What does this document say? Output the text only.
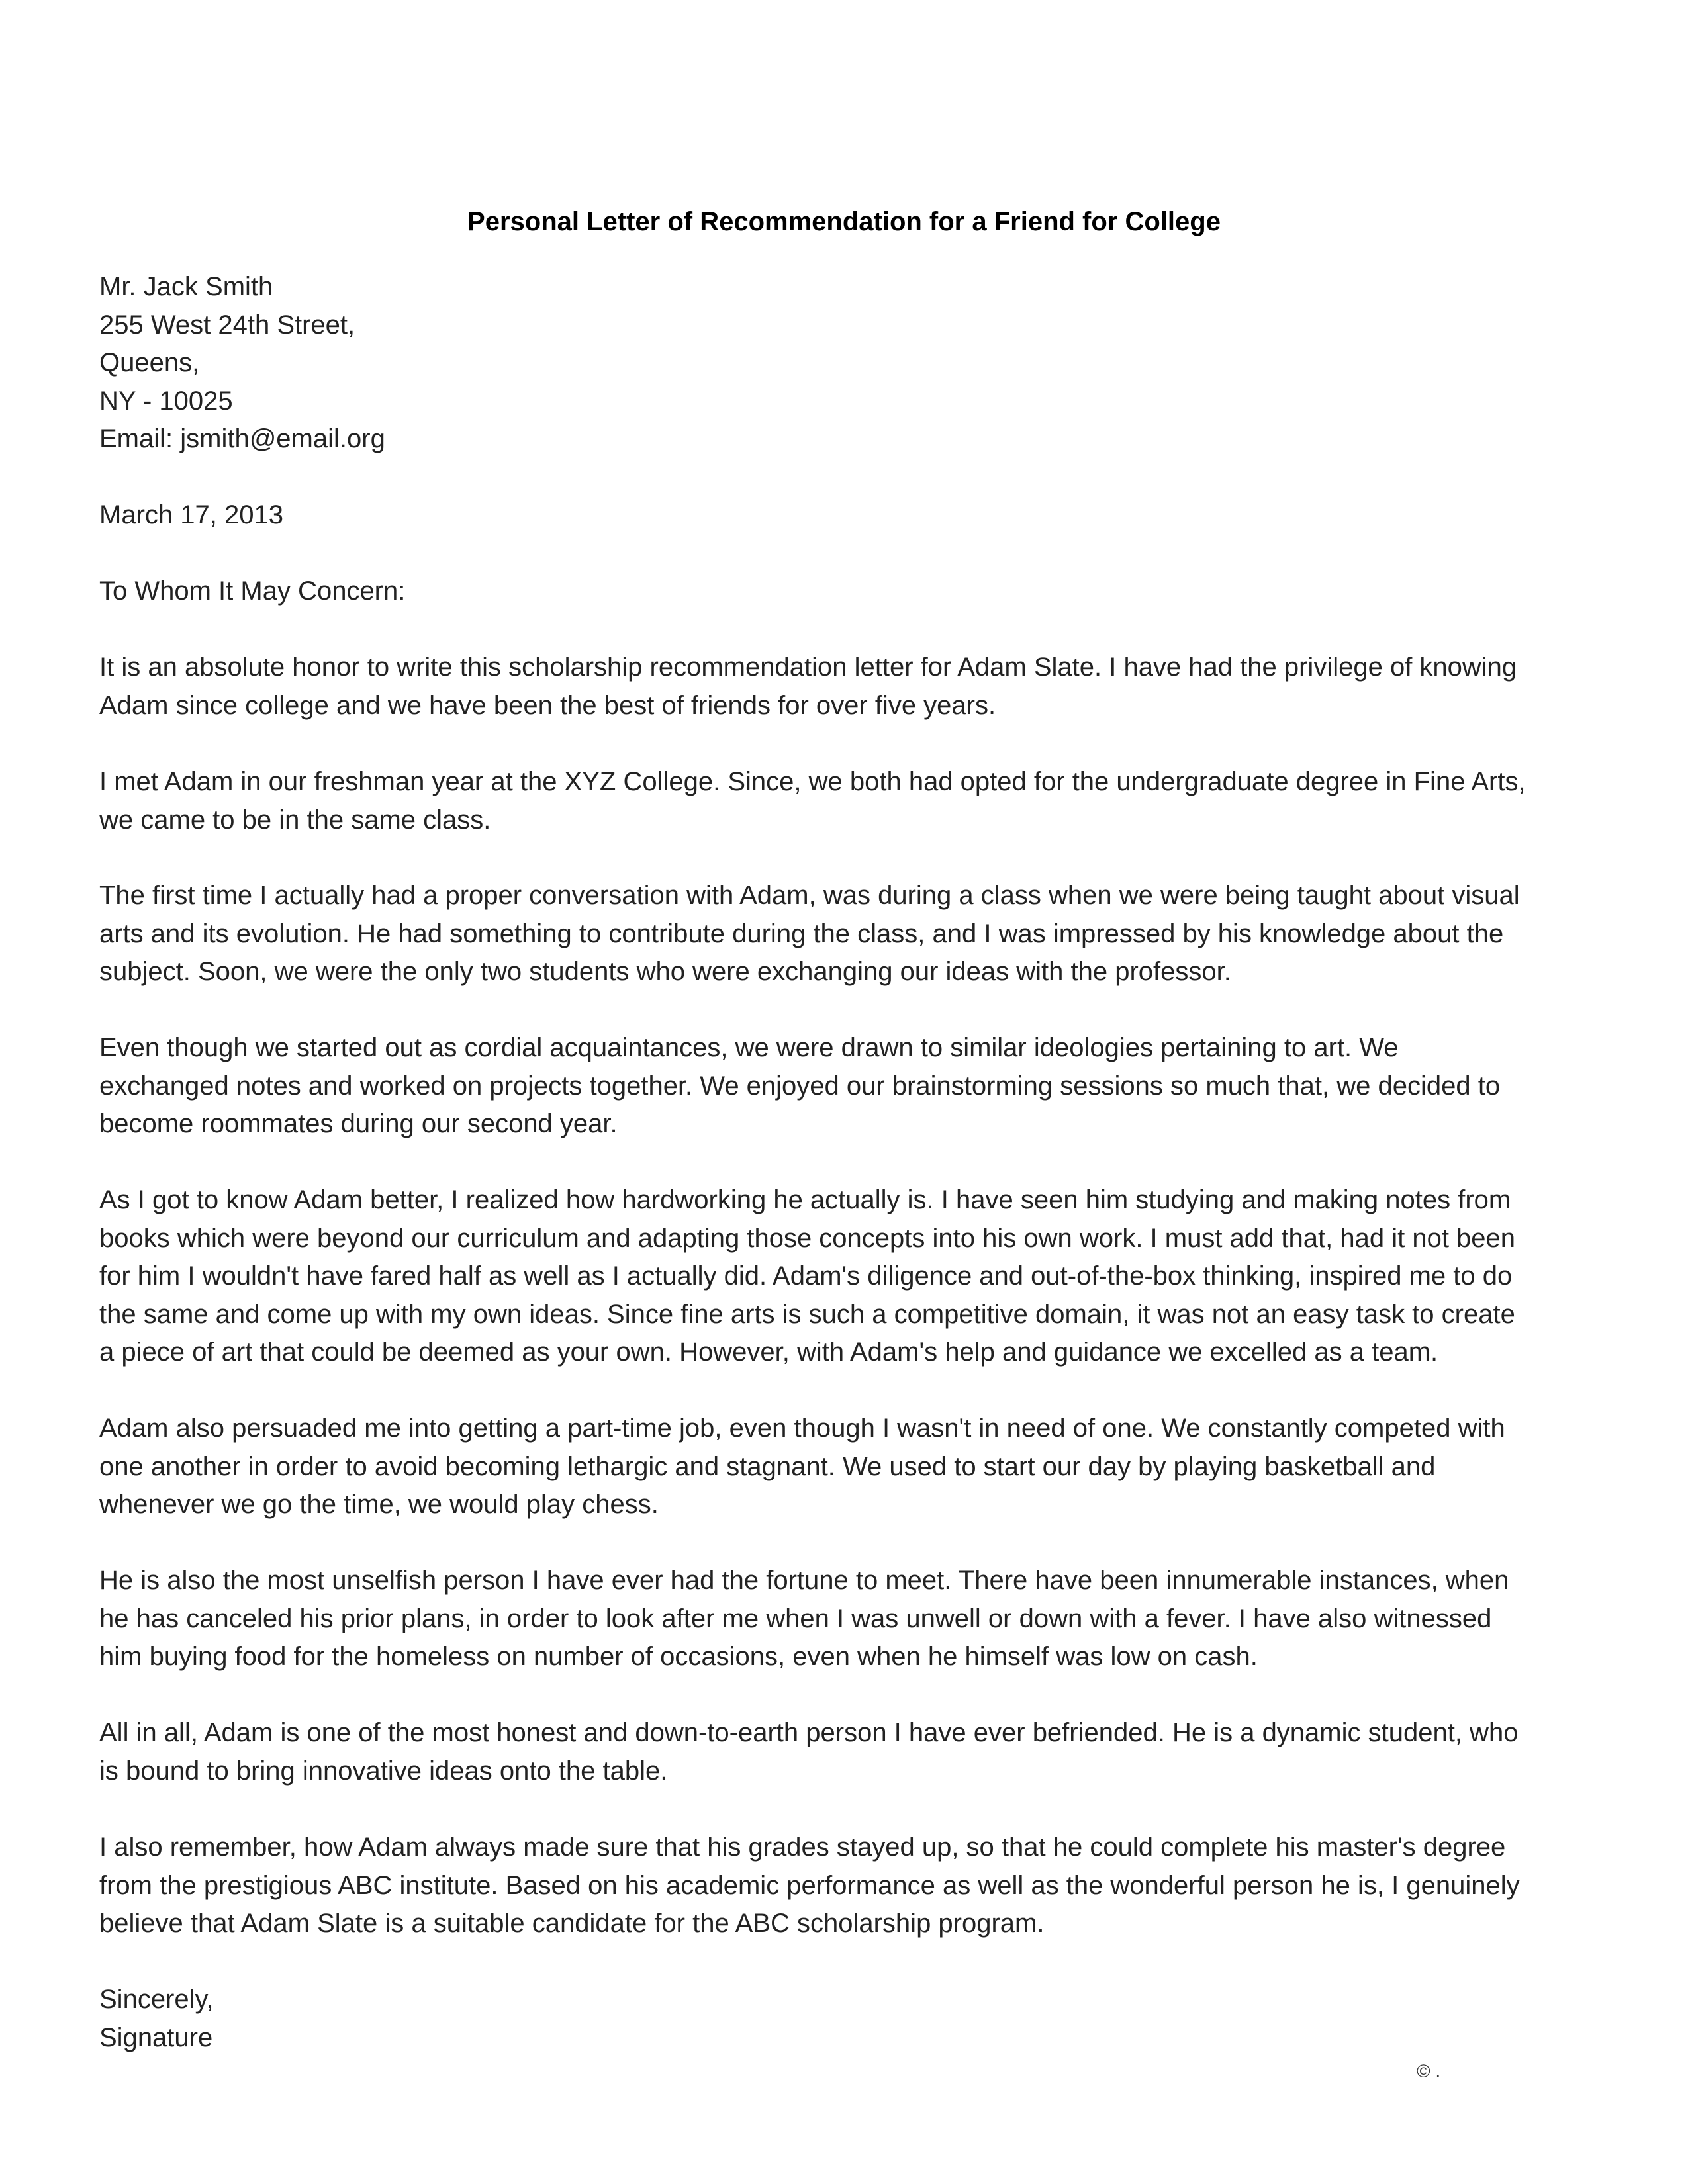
Personal Letter of Recommendation for a Friend for College
Mr. Jack Smith
255 West 24th Street,
Queens,
NY - 10025
Email: jsmith@email.org
March 17, 2013
To Whom It May Concern:
It is an absolute honor to write this scholarship recommendation letter for Adam Slate. I have had the privilege of knowing
Adam since college and we have been the best of friends for over five years.
I met Adam in our freshman year at the XYZ College. Since, we both had opted for the undergraduate degree in Fine Arts,
we came to be in the same class.
The first time I actually had a proper conversation with Adam, was during a class when we were being taught about visual
arts and its evolution. He had something to contribute during the class, and I was impressed by his knowledge about the
subject. Soon, we were the only two students who were exchanging our ideas with the professor.
Even though we started out as cordial acquaintances, we were drawn to similar ideologies pertaining to art. We
exchanged notes and worked on projects together. We enjoyed our brainstorming sessions so much that, we decided to
become roommates during our second year.
As I got to know Adam better, I realized how hardworking he actually is. I have seen him studying and making notes from
books which were beyond our curriculum and adapting those concepts into his own work. I must add that, had it not been
for him I wouldn't have fared half as well as I actually did. Adam's diligence and out-of-the-box thinking, inspired me to do
the same and come up with my own ideas. Since fine arts is such a competitive domain, it was not an easy task to create
a piece of art that could be deemed as your own. However, with Adam's help and guidance we excelled as a team.
Adam also persuaded me into getting a part-time job, even though I wasn't in need of one. We constantly competed with
one another in order to avoid becoming lethargic and stagnant. We used to start our day by playing basketball and
whenever we go the time, we would play chess.
He is also the most unselfish person I have ever had the fortune to meet. There have been innumerable instances, when
he has canceled his prior plans, in order to look after me when I was unwell or down with a fever. I have also witnessed
him buying food for the homeless on number of occasions, even when he himself was low on cash.
All in all, Adam is one of the most honest and down-to-earth person I have ever befriended. He is a dynamic student, who
is bound to bring innovative ideas onto the table.
I also remember, how Adam always made sure that his grades stayed up, so that he could complete his master's degree
from the prestigious ABC institute. Based on his academic performance as well as the wonderful person he is, I genuinely
believe that Adam Slate is a suitable candidate for the ABC scholarship program.
Sincerely,
Signature
© .
